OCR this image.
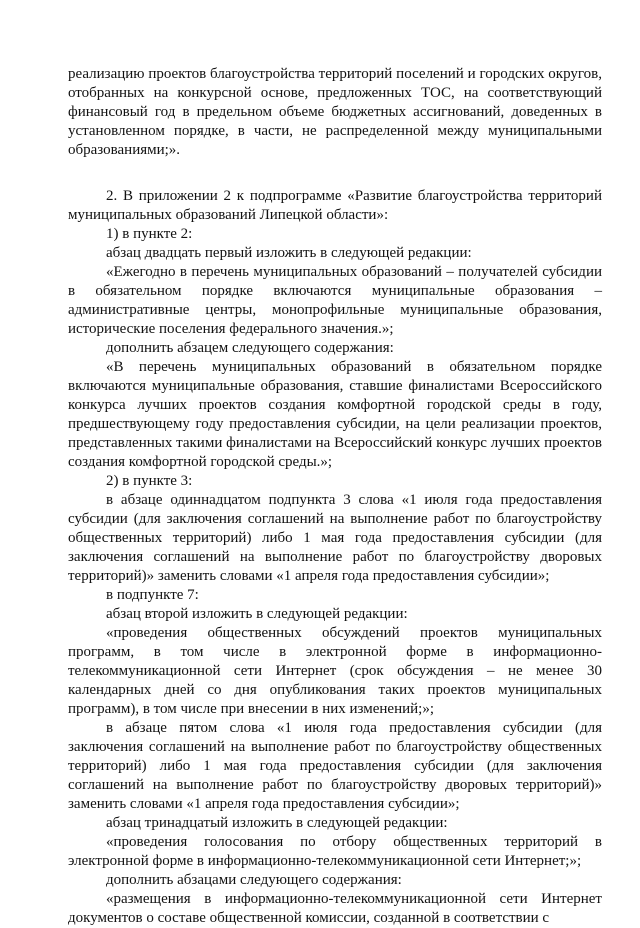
реализацию проектов благоустройства территорий поселений и городских округов, отобранных на конкурсной основе, предложенных ТОС, на соответствующий финансовый год в предельном объеме бюджетных ассигнований, доведенных в установленном порядке, в части, не распределенной между муниципальными образованиями;».

2. В приложении 2 к подпрограмме «Развитие благоустройства территорий муниципальных образований Липецкой области»:

1) в пункте 2:

абзац двадцать первый изложить в следующей редакции:

«Ежегодно в перечень муниципальных образований – получателей субсидии в обязательном порядке включаются муниципальные образования – административные центры, монопрофильные муниципальные образования, исторические поселения федерального значения.»;

дополнить абзацем следующего содержания:

«В перечень муниципальных образований в обязательном порядке включаются муниципальные образования, ставшие финалистами Всероссийского конкурса лучших проектов создания комфортной городской среды в году, предшествующему году предоставления субсидии, на цели реализации проектов, представленных такими финалистами на Всероссийский конкурс лучших проектов создания комфортной городской среды.»;

2) в пункте 3:

в абзаце одиннадцатом подпункта 3 слова «1 июля года предоставления субсидии (для заключения соглашений на выполнение работ по благоустройству общественных территорий) либо 1 мая года предоставления субсидии (для заключения соглашений на выполнение работ по благоустройству дворовых территорий)» заменить словами «1 апреля года предоставления субсидии»;

в подпункте 7:

абзац второй изложить в следующей редакции:

«проведения общественных обсуждений проектов муниципальных программ, в том числе в электронной форме в информационно-телекоммуникационной сети Интернет (срок обсуждения – не менее 30 календарных дней со дня опубликования таких проектов муниципальных программ), в том числе при внесении в них изменений;»;

в абзаце пятом слова «1 июля года предоставления субсидии (для заключения соглашений на выполнение работ по благоустройству общественных территорий) либо 1 мая года предоставления субсидии (для заключения соглашений на выполнение работ по благоустройству дворовых территорий)» заменить словами «1 апреля года предоставления субсидии»;

абзац тринадцатый изложить в следующей редакции:

«проведения голосования по отбору общественных территорий в электронной форме в информационно-телекоммуникационной сети Интернет;»;

дополнить абзацами следующего содержания:

«размещения в информационно-телекоммуникационной сети Интернет документов о составе общественной комиссии, созданной в соответствии с
